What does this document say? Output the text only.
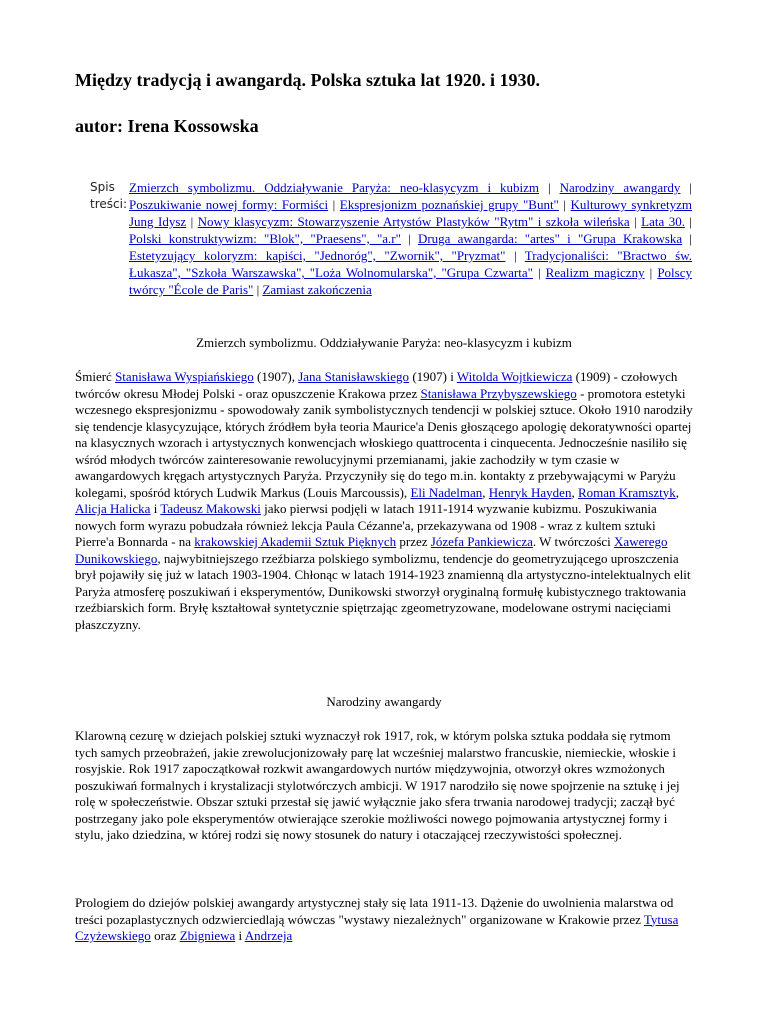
Między tradycją i awangardą. Polska sztuka lat 1920. i 1930.
autor: Irena Kossowska
Spis treści:
Zmierzch symbolizmu. Oddziaływanie Paryża: neo-klasycyzm i kubizm | Narodziny awangardy | Poszukiwanie nowej formy: Formiści | Ekspresjonizm poznańskiej grupy "Bunt" | Kulturowy synkretyzm Jung Idysz | Nowy klasycyzm: Stowarzyszenie Artystów Plastyków "Rytm" i szkoła wileńska | Lata 30. | Polski konstruktywizm: "Blok", "Praesens", "a.r" | Druga awangarda: "artes" i "Grupa Krakowska | Estetyzujący koloryzm: kapiści, "Jednoróg", "Zwornik", "Pryzmat" | Tradycjonaliści: "Bractwo św. Łukasza", "Szkoła Warszawska", "Loża Wolnomularska", "Grupa Czwarta" | Realizm magiczny | Polscy twórcy "École de Paris" | Zamiast zakończenia
Zmierzch symbolizmu. Oddziaływanie Paryża: neo-klasycyzm i kubizm

Śmierć Stanisława Wyspiańskiego (1907), Jana Stanisławskiego (1907) i Witolda Wojtkiewicza (1909) - czołowych twórców okresu Młodej Polski - oraz opuszczenie Krakowa przez Stanisława Przybyszewskiego - promotora estetyki wczesnego ekspresjonizmu - spowodowały zanik symbolistycznych tendencji w polskiej sztuce. Około 1910 narodziły się tendencje klasycyzujące, których źródłem była teoria Maurice'a Denis głoszącego apologię dekoratywności opartej na klasycznych wzorach i artystycznych konwencjach włoskiego quattrocenta i cinquecenta. Jednocześnie nasiliło się wśród młodych twórców zainteresowanie rewolucyjnymi przemianami, jakie zachodziły w tym czasie w awangardowych kręgach artystycznych Paryża. Przyczyniły się do tego m.in. kontakty z przebywającymi w Paryżu kolegami, spośród których Ludwik Markus (Louis Marcoussis), Eli Nadelman, Henryk Hayden, Roman Kramsztyk, Alicja Halicka i Tadeusz Makowski jako pierwsi podjęli w latach 1911-1914 wyzwanie kubizmu. Poszukiwania nowych form wyrazu pobudzała również lekcja Paula Cézanne'a, przekazywana od 1908 - wraz z kultem sztuki Pierre'a Bonnarda - na krakowskiej Akademii Sztuk Pięknych przez Józefa Pankiewicza. W twórczości Xawerego Dunikowskiego, najwybitniejszego rzeźbiarza polskiego symbolizmu, tendencje do geometryzującego uproszczenia brył pojawiły się już w latach 1903-1904. Chłonąc w latach 1914-1923 znamienną dla artystyczno-intelektualnych elit Paryża atmosferę poszukiwań i eksperymentów, Dunikowski stworzył oryginalną formułę kubistycznego traktowania rzeźbiarskich form. Bryłę kształtował syntetycznie spiętrzając zgeometryzowane, modelowane ostrymi nacięciami płaszczyzny.

Narodziny awangardy

Klarowną cezurę w dziejach polskiej sztuki wyznaczył rok 1917, rok, w którym polska sztuka poddała się rytmom tych samych przeobrażeń, jakie zrewolucjonizowały parę lat wcześniej malarstwo francuskie, niemieckie, włoskie i rosyjskie. Rok 1917 zapoczątkował rozkwit awangardowych nurtów międzywojnia, otworzył okres wzmożonych poszukiwań formalnych i krystalizacji stylotwórczych ambicji. W 1917 narodziło się nowe spojrzenie na sztukę i jej rolę w społeczeństwie. Obszar sztuki przestał się jawić wyłącznie jako sfera trwania narodowej tradycji; zaczął być postrzegany jako pole eksperymentów otwierające szerokie możliwości nowego pojmowania artystycznej formy i stylu, jako dziedzina, w której rodzi się nowy stosunek do natury i otaczającej rzeczywistości społecznej.

Prologiem do dziejów polskiej awangardy artystycznej stały się lata 1911-13. Dążenie do uwolnienia malarstwa od treści pozaplastycznych odzwierciedlają wówczas "wystawy niezależnych" organizowane w Krakowie przez Tytusa Czyżewskiego oraz Zbigniewa i Andrzeja
